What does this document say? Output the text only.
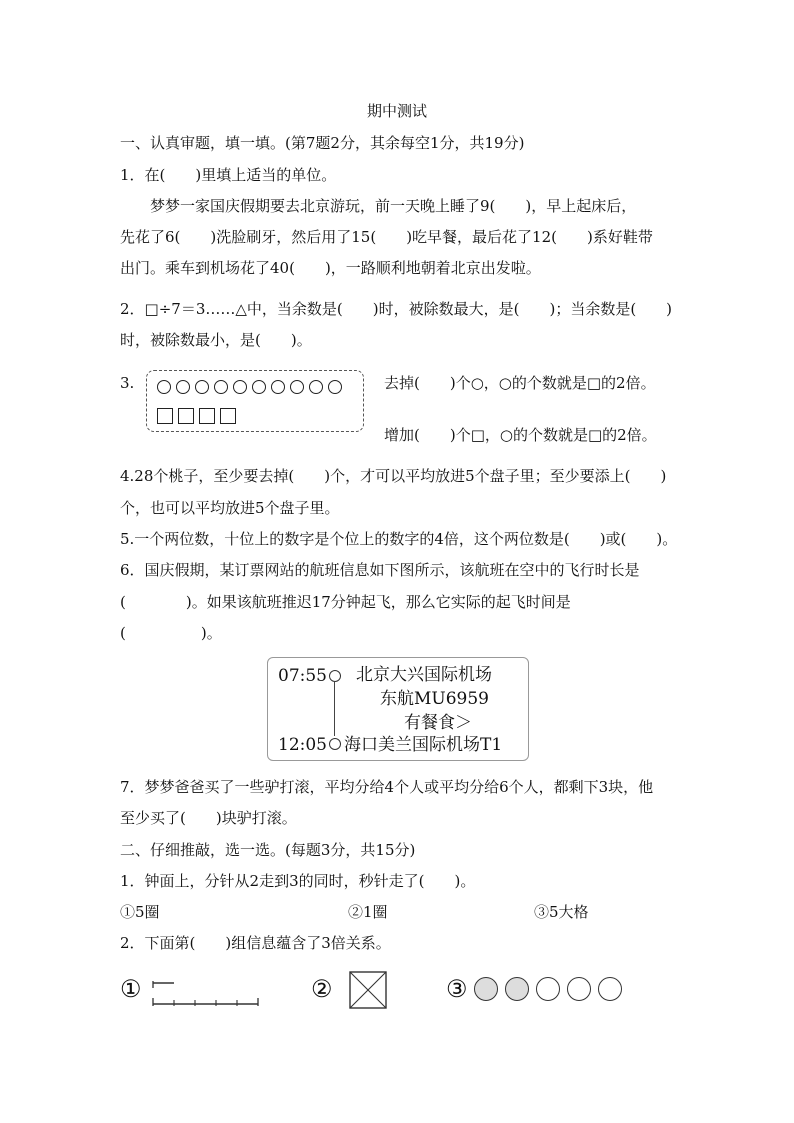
期中测试
一、认真审题，填一填。(第7题2分，其余每空1分，共19分)
1．在(　　)里填上适当的单位。
梦梦一家国庆假期要去北京游玩，前一天晚上睡了9(　　)，早上起床后，
先花了6(　　)洗脸刷牙，然后用了15(　　)吃早餐，最后花了12(　　)系好鞋带
出门。乘车到机场花了40(　　)，一路顺利地朝着北京出发啦。
2．□÷7＝3……△中，当余数是(　　)时，被除数最大，是(　　)；当余数是(　　)
时，被除数最小，是(　　)。
3.	去掉(　　)个○，○的个数就是□的2倍。
增加(　　)个□，○的个数就是□的2倍。
4.28个桃子，至少要去掉(　　)个，才可以平均放进5个盘子里；至少要添上(　　)
个，也可以平均放进5个盘子里。
5.一个两位数，十位上的数字是个位上的数字的4倍，这个两位数是(　　)或(　　)。
6．国庆假期，某订票网站的航班信息如下图所示，该航班在空中的飞行时长是
(　　　　)。如果该航班推迟17分钟起飞，那么它实际的起飞时间是
(　　　　　)。
07:55 北京大兴国际机场
东航MU6959
有餐食＞
12:05 海口美兰国际机场T1
7．梦梦爸爸买了一些驴打滚，平均分给4个人或平均分给6个人，都剩下3块，他
至少买了(　　)块驴打滚。
二、仔细推敲，选一选。(每题3分，共15分)
1．钟面上，分针从2走到3的同时，秒针走了(　　)。
①5圈	②1圈	③5大格
2．下面第(　　)组信息蕴含了3倍关系。
①	②	③
